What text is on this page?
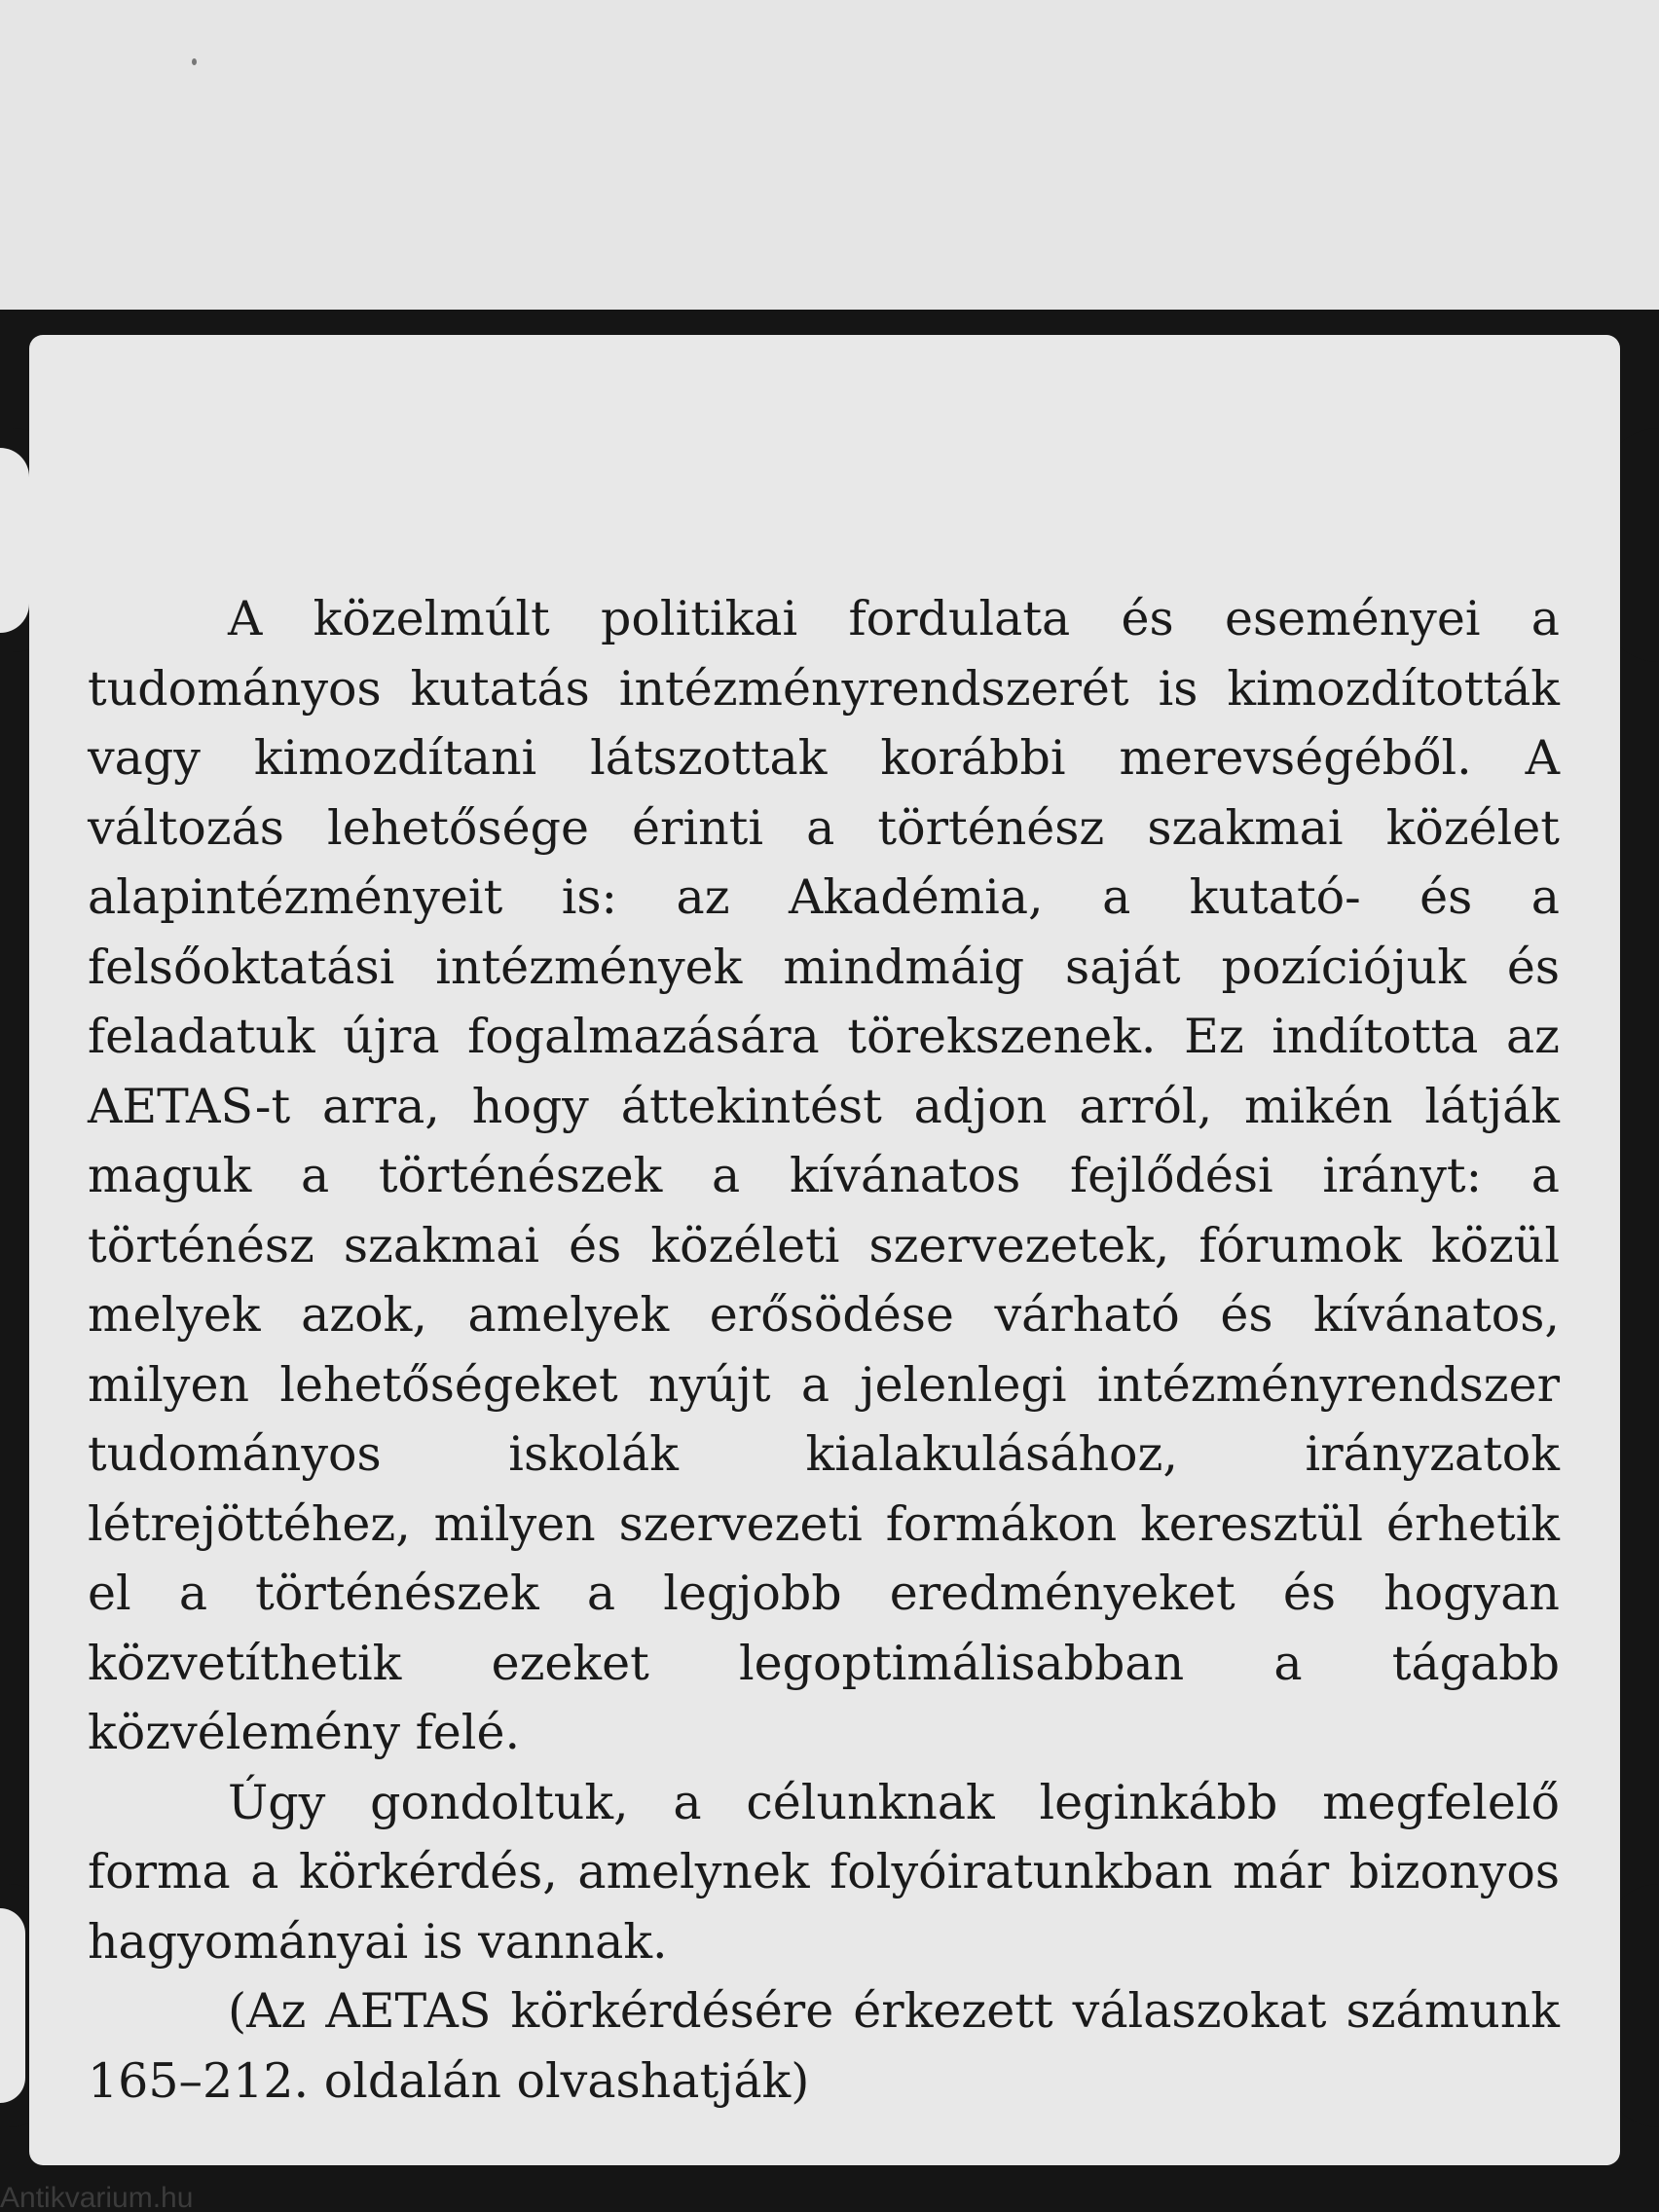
A közelmúlt politikai fordulata és eseményei a tudományos kutatás intézményrendszerét is kimozdították vagy kimozdítani látszottak korábbi merevségéből. A változás lehetősége érinti a történész szakmai közélet alapintézményeit is: az Akadémia, a kutató- és a felsőoktatási intézmények mindmáig saját pozíciójuk és feladatuk újra fogalmazására törekszenek. Ez indította az AETAS-t arra, hogy áttekintést adjon arról, mikén látják maguk a történészek a kívánatos fejlődési irányt: a történész szakmai és közéleti szervezetek, fórumok közül melyek azok, amelyek erősödése várható és kívánatos, milyen lehetőségeket nyújt a jelenlegi intézményrendszer tudományos iskolák kialakulásához, irányzatok létrejöttéhez, milyen szervezeti formákon keresztül érhetik el a történészek a legjobb eredményeket és hogyan közvetíthetik ezeket legoptimálisabban a tágabb közvélemény felé.

Úgy gondoltuk, a célunknak leginkább megfelelő forma a körkérdés, amelynek folyóiratunkban már bizonyos hagyományai is vannak.

(Az AETAS körkérdésére érkezett válaszokat számunk 165–212. oldalán olvashatják)

Antikvarium.hu
